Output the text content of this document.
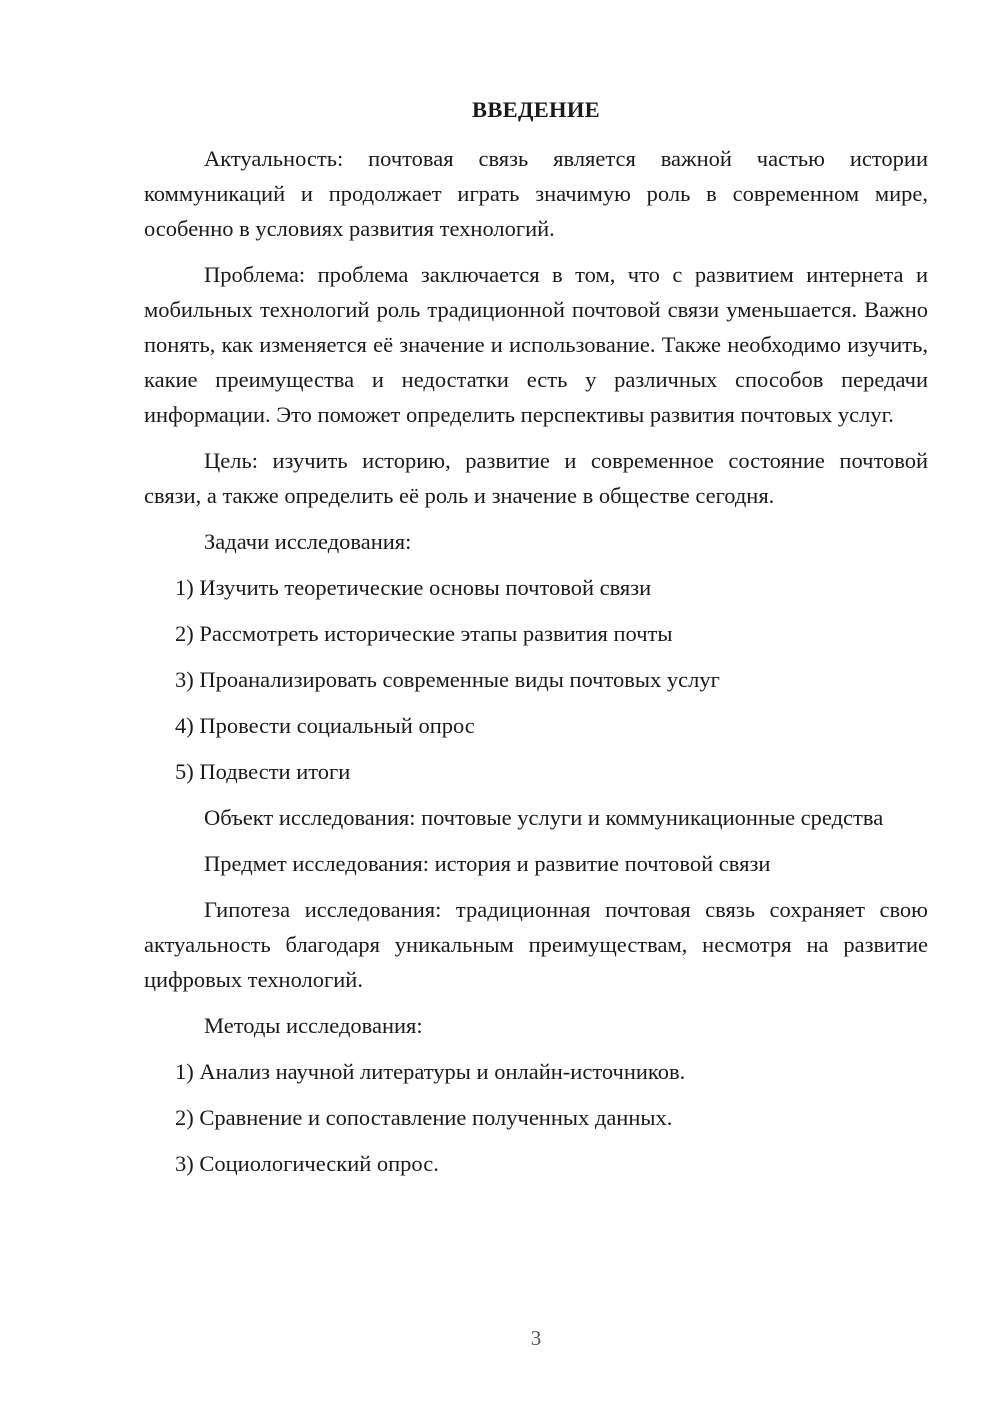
ВВЕДЕНИЕ

Актуальность: почтовая связь является важной частью истории коммуникаций и продолжает играть значимую роль в современном мире, особенно в условиях развития технологий.

Проблема: проблема заключается в том, что с развитием интернета и мобильных технологий роль традиционной почтовой связи уменьшается. Важно понять, как изменяется её значение и использование. Также необходимо изучить, какие преимущества и недостатки есть у различных способов передачи информации. Это поможет определить перспективы развития почтовых услуг.

Цель: изучить историю, развитие и современное состояние почтовой связи, а также определить её роль и значение в обществе сегодня.

Задачи исследования:

1) Изучить теоретические основы почтовой связи
2) Рассмотреть исторические этапы развития почты
3) Проанализировать современные виды почтовых услуг
4) Провести социальный опрос
5) Подвести итоги

Объект исследования: почтовые услуги и коммуникационные средства

Предмет исследования: история и развитие почтовой связи

Гипотеза исследования: традиционная почтовая связь сохраняет свою актуальность благодаря уникальным преимуществам, несмотря на развитие цифровых технологий.

Методы исследования:

1) Анализ научной литературы и онлайн-источников.
2) Сравнение и сопоставление полученных данных.
3) Социологический опрос.
3
